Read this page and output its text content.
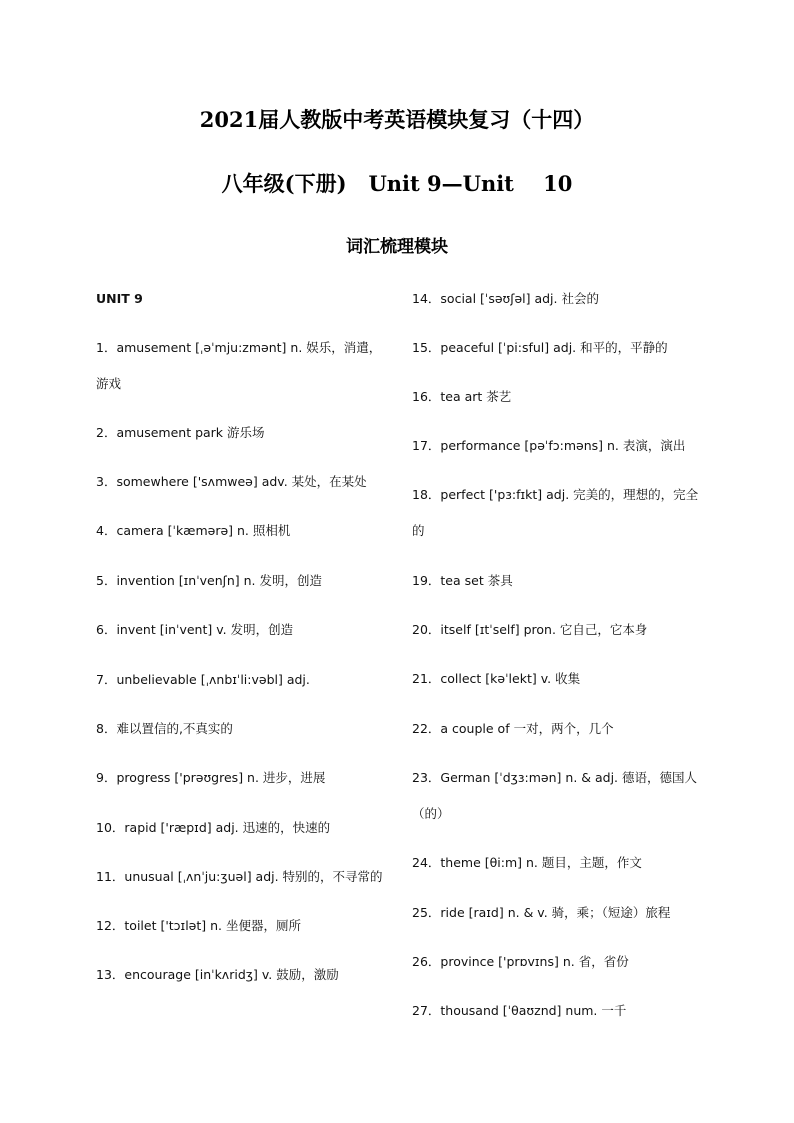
2021届人教版中考英语模块复习（十四）
八年级(下册)   Unit 9—Unit    10
词汇梳理模块
UNIT 9
1．amusement [ˌəˈmju:zmənt] n. 娱乐，消遣，
游戏
2．amusement park 游乐场
3．somewhere ['sʌmweə] adv. 某处，在某处
4．camera [ˈkæmərə] n. 照相机
5．invention [ɪnˈvenʃn] n. 发明，创造
6．invent [inˈvent] v. 发明，创造
7．unbelievable [ˌʌnbɪˈli:vəbl] adj.
8．难以置信的,不真实的
9．progress ['prəʊgres] n. 进步，进展
10．rapid ['ræpɪd] adj. 迅速的，快速的
11．unusual [ˌʌnˈju:ʒuəl] adj. 特别的，不寻常的
12．toilet ['tɔɪlət] n. 坐便器，厕所
13．encourage [inˈkʌridʒ] v. 鼓励，激励
14．social [ˈsəʊʃəl] adj. 社会的
15．peaceful [ˈpi:sful] adj. 和平的，平静的
16．tea art 茶艺
17．performance [pəˈfɔ:məns] n. 表演，演出
18．perfect ['pɜ:fɪkt] adj. 完美的，理想的，完全
的
19．tea set 茶具
20．itself [ɪtˈself] pron. 它自己，它本身
21．collect [kəˈlekt] v. 收集
22．a couple of 一对，两个，几个
23．German [ˈdʒɜ:mən] n. & adj. 德语，德国人
（的）
24．theme [θi:m] n. 题目，主题，作文
25．ride [raɪd] n. & v. 骑，乘；（短途）旅程
26．province ['prɒvɪns] n. 省，省份
27．thousand [ˈθaʊznd] num. 一千
